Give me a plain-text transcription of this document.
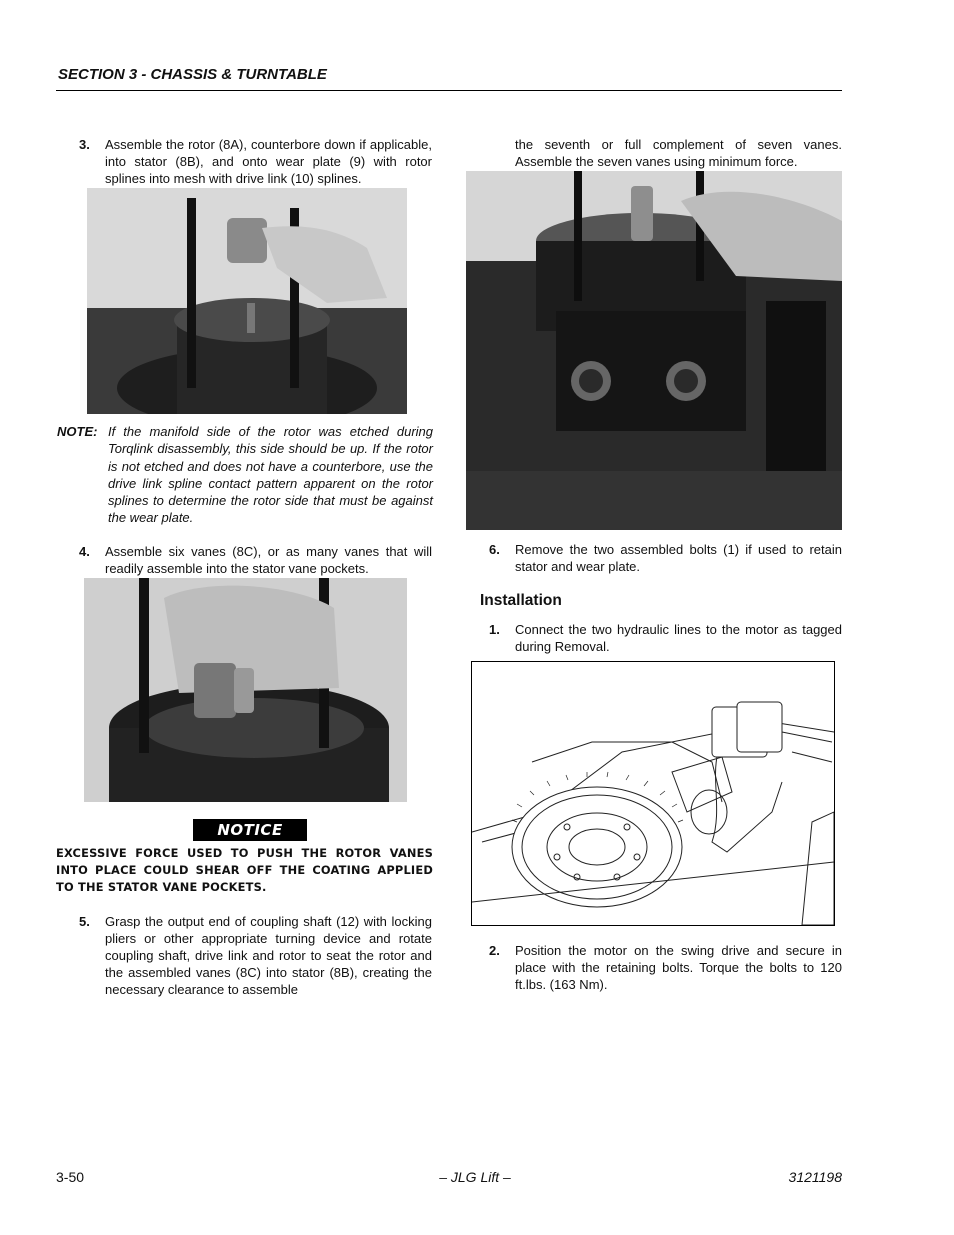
SECTION 3 - CHASSIS & TURNTABLE
3. Assemble the rotor (8A), counterbore down if applicable, into stator (8B), and onto wear plate (9) with rotor splines into mesh with drive link (10) splines.
NOTE: If the manifold side of the rotor was etched during Torqlink disassembly, this side should be up. If the rotor is not etched and does not have a counterbore, use the drive link spline contact pattern apparent on the rotor splines to determine the rotor side that must be against the wear plate.
4. Assemble six vanes (8C), or as many vanes that will readily assemble into the stator vane pockets.
NOTICE
EXCESSIVE FORCE USED TO PUSH THE ROTOR VANES INTO PLACE COULD SHEAR OFF THE COATING APPLIED TO THE STATOR VANE POCKETS.
5. Grasp the output end of coupling shaft (12) with locking pliers or other appropriate turning device and rotate coupling shaft, drive link and rotor to seat the rotor and the assembled vanes (8C) into stator (8B), creating the necessary clearance to assemble
the seventh or full complement of seven vanes. Assemble the seven vanes using minimum force.
6. Remove the two assembled bolts (1) if used to retain stator and wear plate.
Installation
1. Connect the two hydraulic lines to the motor as tagged during Removal.
2. Position the motor on the swing drive and secure in place with the retaining bolts. Torque the bolts to 120 ft.lbs. (163 Nm).
3-50	– JLG Lift –	3121198
